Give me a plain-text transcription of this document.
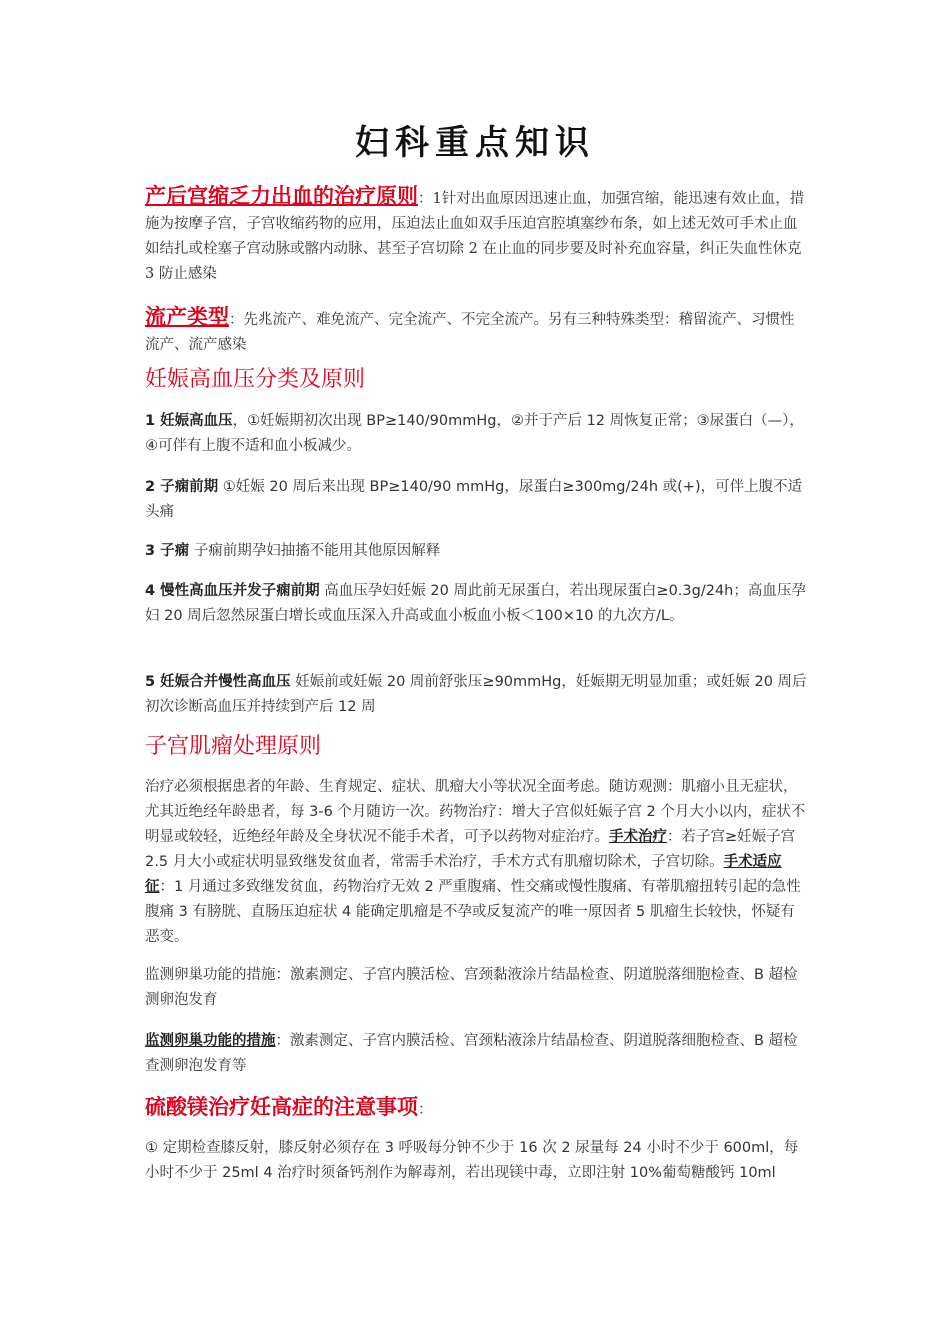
妇科重点知识
产后宫缩乏力出血的治疗原则：1针对出血原因迅速止血，加强宫缩，能迅速有效止血，措施为按摩子宫，子宫收缩药物的应用，压迫法止血如双手压迫宫腔填塞纱布条，如上述无效可手术止血如结扎或栓塞子宫动脉或髂内动脉、甚至子宫切除 2 在止血的同步要及时补充血容量，纠正失血性休克 3 防止感染
流产类型：先兆流产、难免流产、完全流产、不完全流产。另有三种特殊类型：稽留流产、习惯性流产、流产感染
妊娠高血压分类及原则
1 妊娠高血压，①妊娠期初次出现 BP≥140/90mmHg，②并于产后 12 周恢复正常；③尿蛋白（—），④可伴有上腹不适和血小板减少。
2 子痫前期 ①妊娠 20 周后来出现 BP≥140/90 mmHg，尿蛋白≥300mg/24h 或(+)，可伴上腹不适头痛
3 子痫 子痫前期孕妇抽搐不能用其他原因解释
4 慢性高血压并发子痫前期 高血压孕妇妊娠 20 周此前无尿蛋白，若出现尿蛋白≥0.3g/24h；高血压孕妇 20 周后忽然尿蛋白增长或血压深入升高或血小板血小板＜100×10 的九次方/L。
5 妊娠合并慢性高血压 妊娠前或妊娠 20 周前舒张压≥90mmHg，妊娠期无明显加重；或妊娠 20 周后初次诊断高血压并持续到产后 12 周
子宫肌瘤处理原则
治疗必须根据患者的年龄、生育规定、症状、肌瘤大小等状况全面考虑。随访观测：肌瘤小且无症状，尤其近绝经年龄患者，每 3-6 个月随访一次。药物治疗：增大子宫似妊娠子宫 2 个月大小以内，症状不明显或较轻，近绝经年龄及全身状况不能手术者，可予以药物对症治疗。手术治疗：若子宫≥妊娠子宫 2.5 月大小或症状明显致继发贫血者，常需手术治疗，手术方式有肌瘤切除术，子宫切除。手术适应征：1 月通过多致继发贫血，药物治疗无效 2 严重腹痛、性交痛或慢性腹痛、有蒂肌瘤扭转引起的急性腹痛 3 有膀胱、直肠压迫症状 4 能确定肌瘤是不孕或反复流产的唯一原因者 5 肌瘤生长较快，怀疑有恶变。
监测卵巢功能的措施：激素测定、子宫内膜活检、宫颈黏液涂片结晶检查、阴道脱落细胞检查、B 超检测卵泡发育
监测卵巢功能的措施：激素测定、子宫内膜活检、宫颈粘液涂片结晶检查、阴道脱落细胞检查、B 超检查测卵泡发育等
硫酸镁治疗妊高症的注意事项：
① 定期检查膝反射，膝反射必须存在 3 呼吸每分钟不少于 16 次 2 尿量每 24 小时不少于 600ml，每小时不少于 25ml 4 治疗时须备钙剂作为解毒剂，若出现镁中毒，立即注射 10%葡萄糖酸钙 10ml
